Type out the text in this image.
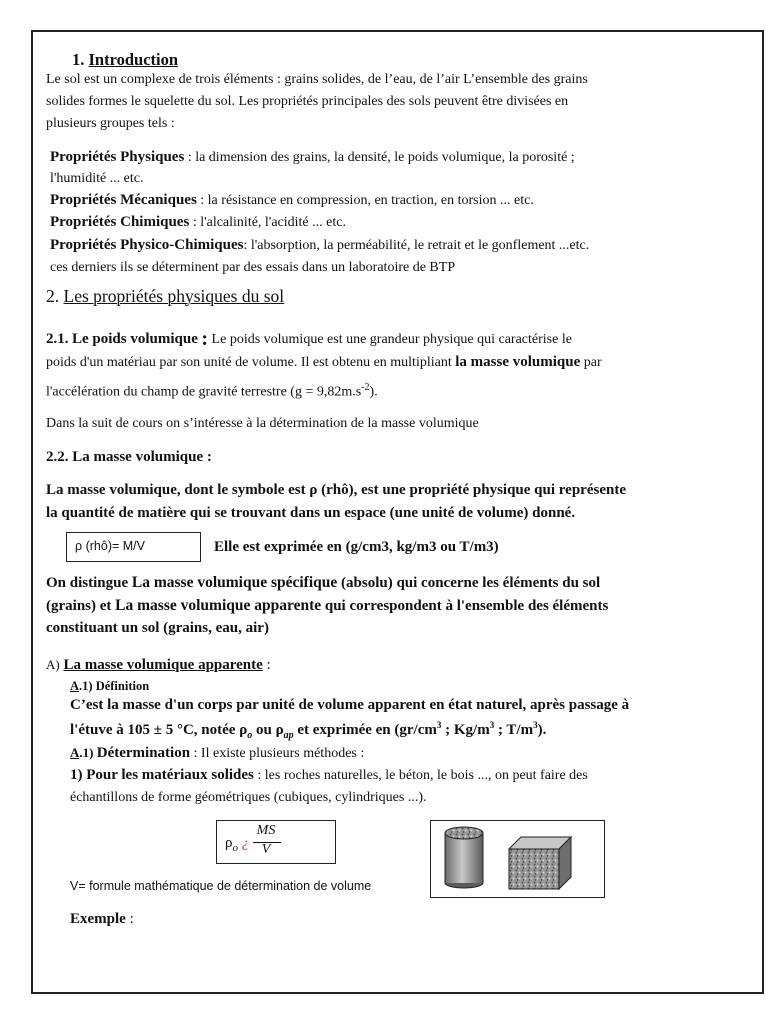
1. Introduction
Le sol est un complexe de trois éléments : grains solides, de l’eau, de l’air L’ensemble des grains
solides formes le squelette du sol. Les propriétés principales des sols peuvent être divisées en
plusieurs groupes tels :
Propriétés Physiques : la dimension des grains, la densité, le poids volumique, la porosité ;
l'humidité ... etc.
Propriétés Mécaniques : la résistance en compression, en traction, en torsion ... etc.
Propriétés Chimiques : l'alcalinité, l'acidité ... etc.
Propriétés Physico-Chimiques: l'absorption, la perméabilité, le retrait et le gonflement ...etc.
ces derniers ils se déterminent par des essais dans un laboratoire de BTP
2. Les propriétés physiques du sol
2.1. Le poids volumique : Le poids volumique est une grandeur physique qui caractérise le
poids d'un matériau par son unité de volume. Il est obtenu en multipliant la masse volumique par
l'accélération du champ de gravité terrestre $(g = 9,82m.s^{-2})$.
Dans la suit de cours on s’intéresse à la détermination de la masse volumique
2.2. La masse volumique :
La masse volumique, dont le symbole est ρ (rhô), est une propriété physique qui représente
la quantité de matière qui se trouvant dans un espace (une unité de volume) donné.
ρ (rhô)= M/V	Elle est exprimée en (g/cm3, kg/m3 ou T/m3)
On distingue La masse volumique spécifique (absolu) qui concerne les éléments du sol
(grains) et La masse volumique apparente qui correspondent à l'ensemble des éléments
constituant un sol (grains, eau, air)
A) La masse volumique apparente :
A.1) Définition
C’est la masse d'un corps par unité de volume apparent en état naturel, après passage à
l'étuve à 105 ± 5 °C, notée $\rho_o$ ou $\rho_{ap}$ et exprimée en ($gr/cm^3$ ; $Kg/m^3$ ; $T/m^3$).
A.1) Détermination : Il existe plusieurs méthodes :
1) Pour les matériaux solides : les roches naturelles, le béton, le bois ..., on peut faire des
échantillons de forme géométriques (cubiques, cylindriques ...).
$\rho_o$ ¿
MS
V
V= formule mathématique de détermination de volume
Exemple :
